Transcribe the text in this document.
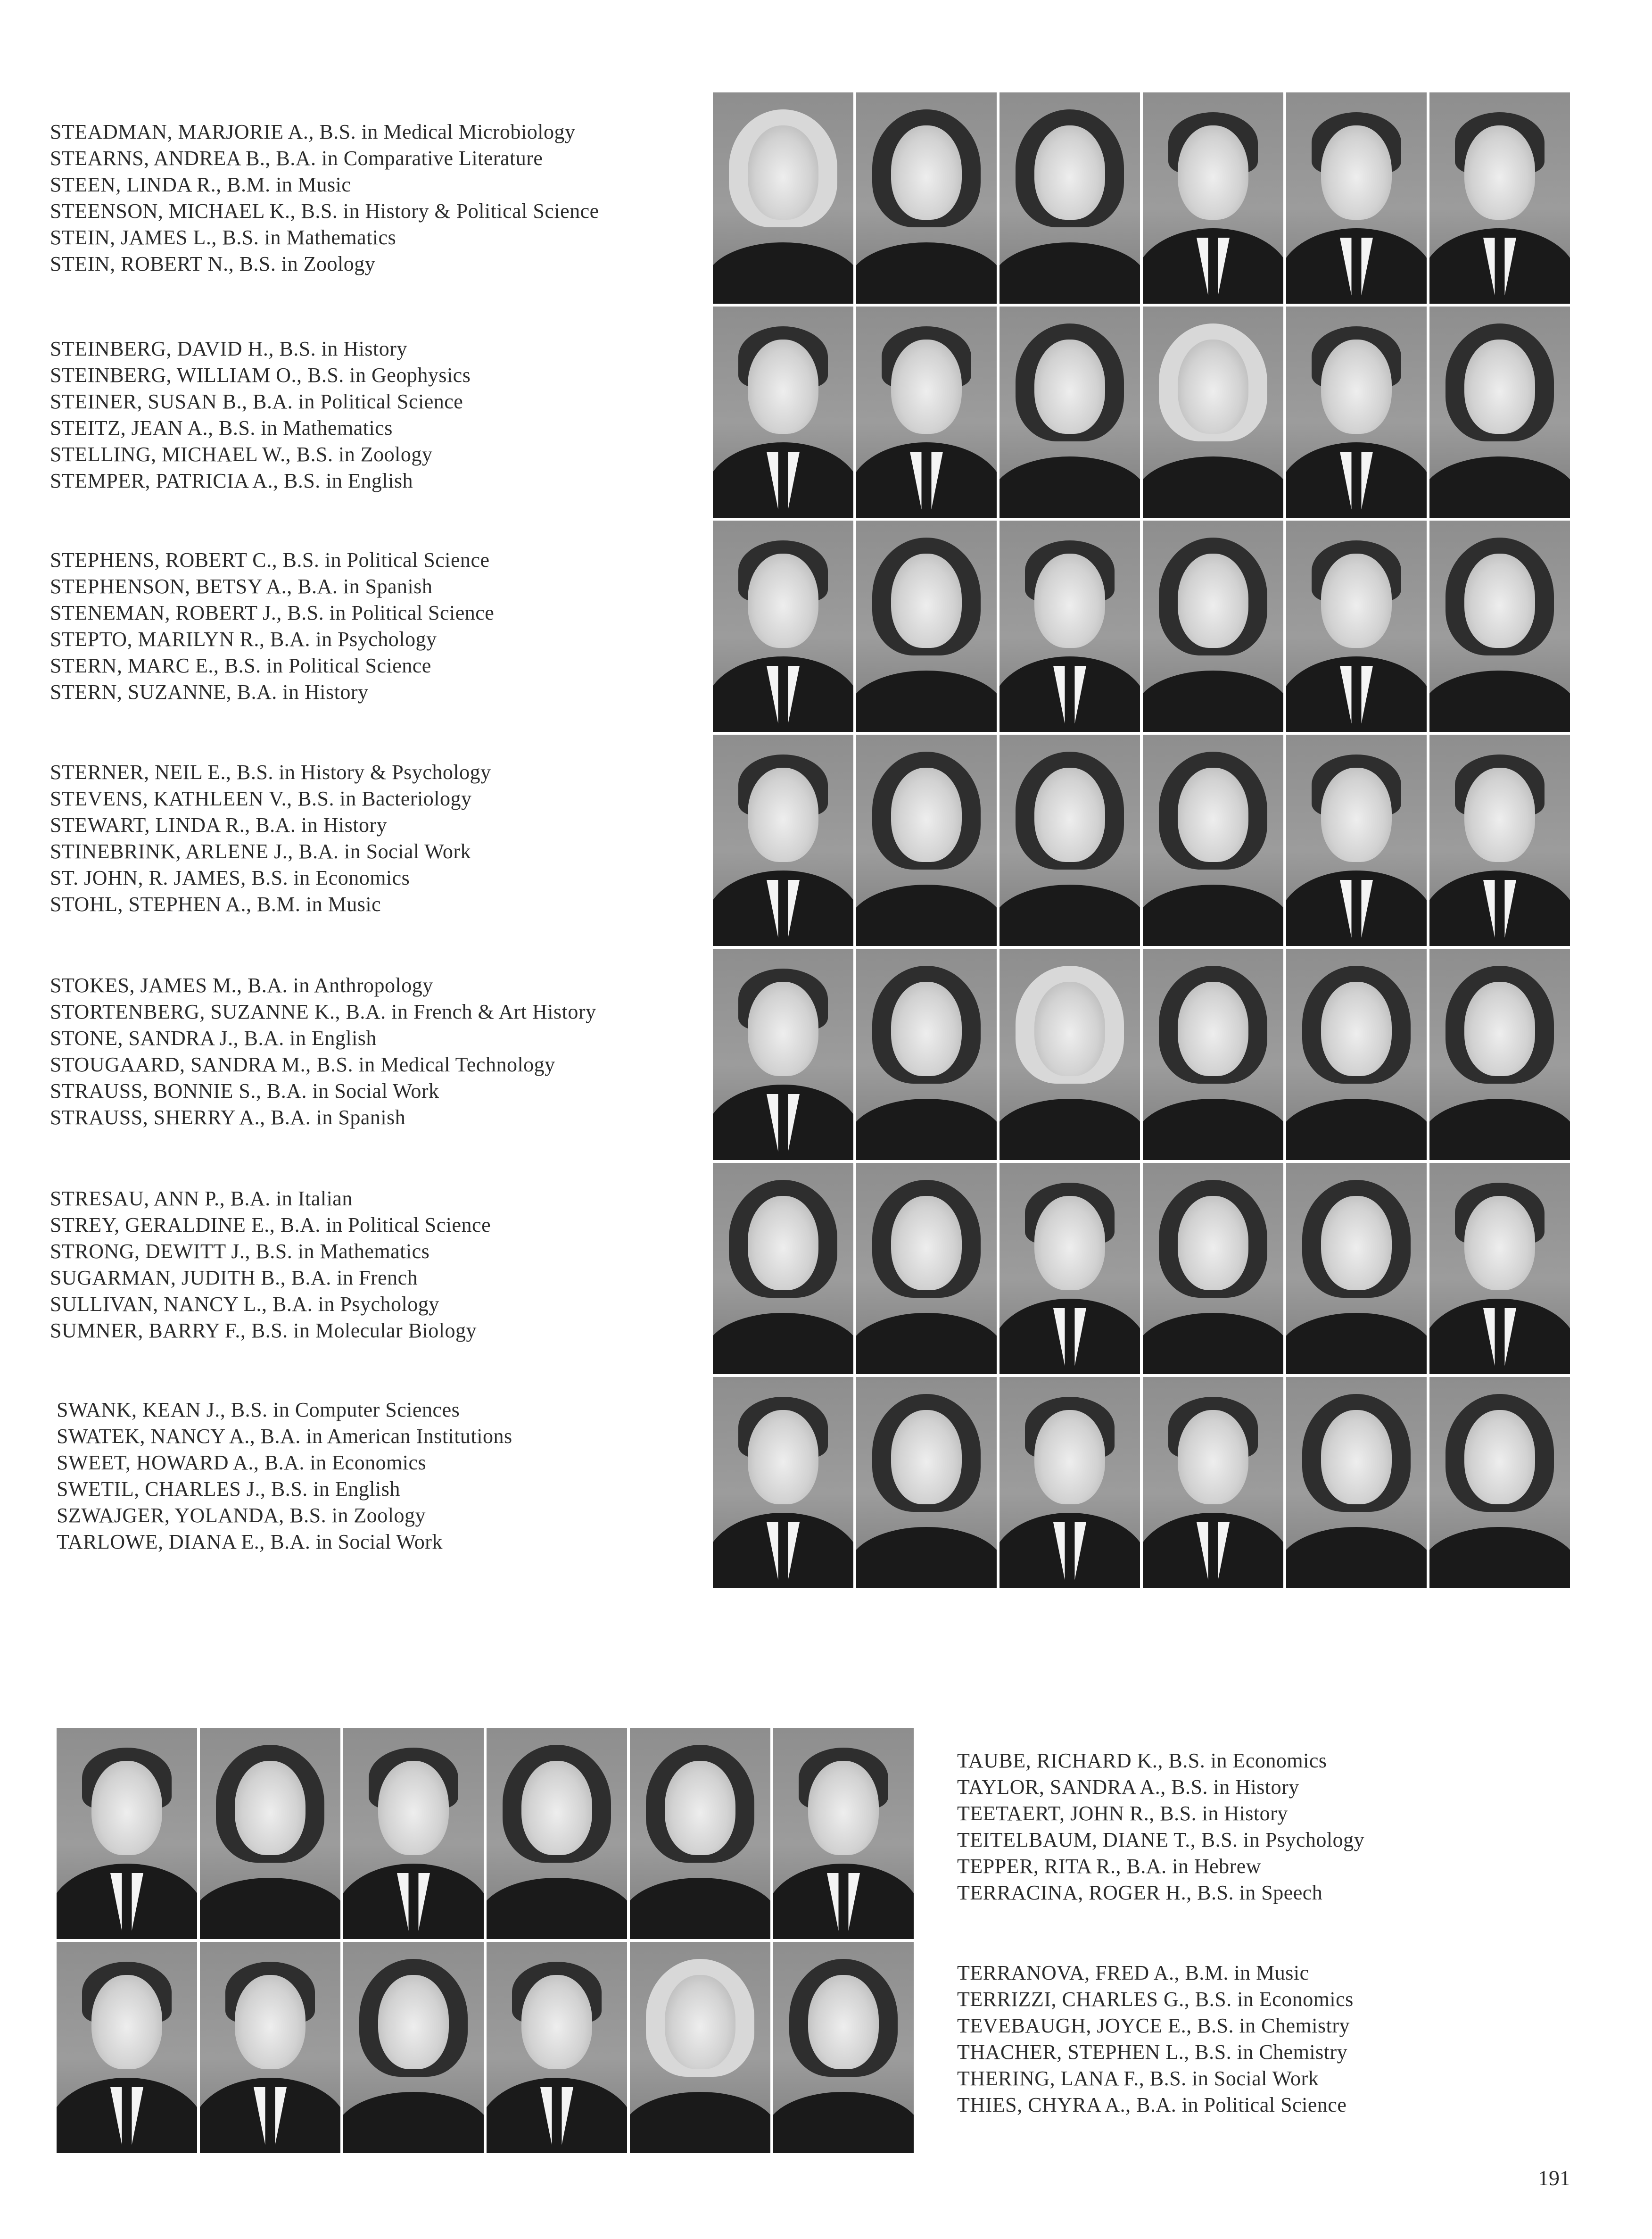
STEADMAN, MARJORIE A., B.S. in Medical Microbiology
STEARNS, ANDREA B., B.A. in Comparative Literature
STEEN, LINDA R., B.M. in Music
STEENSON, MICHAEL K., B.S. in History & Political Science
STEIN, JAMES L., B.S. in Mathematics
STEIN, ROBERT N., B.S. in Zoology
STEINBERG, DAVID H., B.S. in History
STEINBERG, WILLIAM O., B.S. in Geophysics
STEINER, SUSAN B., B.A. in Political Science
STEITZ, JEAN A., B.S. in Mathematics
STELLING, MICHAEL W., B.S. in Zoology
STEMPER, PATRICIA A., B.S. in English
STEPHENS, ROBERT C., B.S. in Political Science
STEPHENSON, BETSY A., B.A. in Spanish
STENEMAN, ROBERT J., B.S. in Political Science
STEPTO, MARILYN R., B.A. in Psychology
STERN, MARC E., B.S. in Political Science
STERN, SUZANNE, B.A. in History
STERNER, NEIL E., B.S. in History & Psychology
STEVENS, KATHLEEN V., B.S. in Bacteriology
STEWART, LINDA R., B.A. in History
STINEBRINK, ARLENE J., B.A. in Social Work
ST. JOHN, R. JAMES, B.S. in Economics
STOHL, STEPHEN A., B.M. in Music
STOKES, JAMES M., B.A. in Anthropology
STORTENBERG, SUZANNE K., B.A. in French & Art History
STONE, SANDRA J., B.A. in English
STOUGAARD, SANDRA M., B.S. in Medical Technology
STRAUSS, BONNIE S., B.A. in Social Work
STRAUSS, SHERRY A., B.A. in Spanish
STRESAU, ANN P., B.A. in Italian
STREY, GERALDINE E., B.A. in Political Science
STRONG, DEWITT J., B.S. in Mathematics
SUGARMAN, JUDITH B., B.A. in French
SULLIVAN, NANCY L., B.A. in Psychology
SUMNER, BARRY F., B.S. in Molecular Biology
SWANK, KEAN J., B.S. in Computer Sciences
SWATEK, NANCY A., B.A. in American Institutions
SWEET, HOWARD A., B.A. in Economics
SWETIL, CHARLES J., B.S. in English
SZWAJGER, YOLANDA, B.S. in Zoology
TARLOWE, DIANA E., B.A. in Social Work
TAUBE, RICHARD K., B.S. in Economics
TAYLOR, SANDRA A., B.S. in History
TEETAERT, JOHN R., B.S. in History
TEITELBAUM, DIANE T., B.S. in Psychology
TEPPER, RITA R., B.A. in Hebrew
TERRACINA, ROGER H., B.S. in Speech
TERRANOVA, FRED A., B.M. in Music
TERRIZZI, CHARLES G., B.S. in Economics
TEVEBAUGH, JOYCE E., B.S. in Chemistry
THACHER, STEPHEN L., B.S. in Chemistry
THERING, LANA F., B.S. in Social Work
THIES, CHYRA A., B.A. in Political Science
191
